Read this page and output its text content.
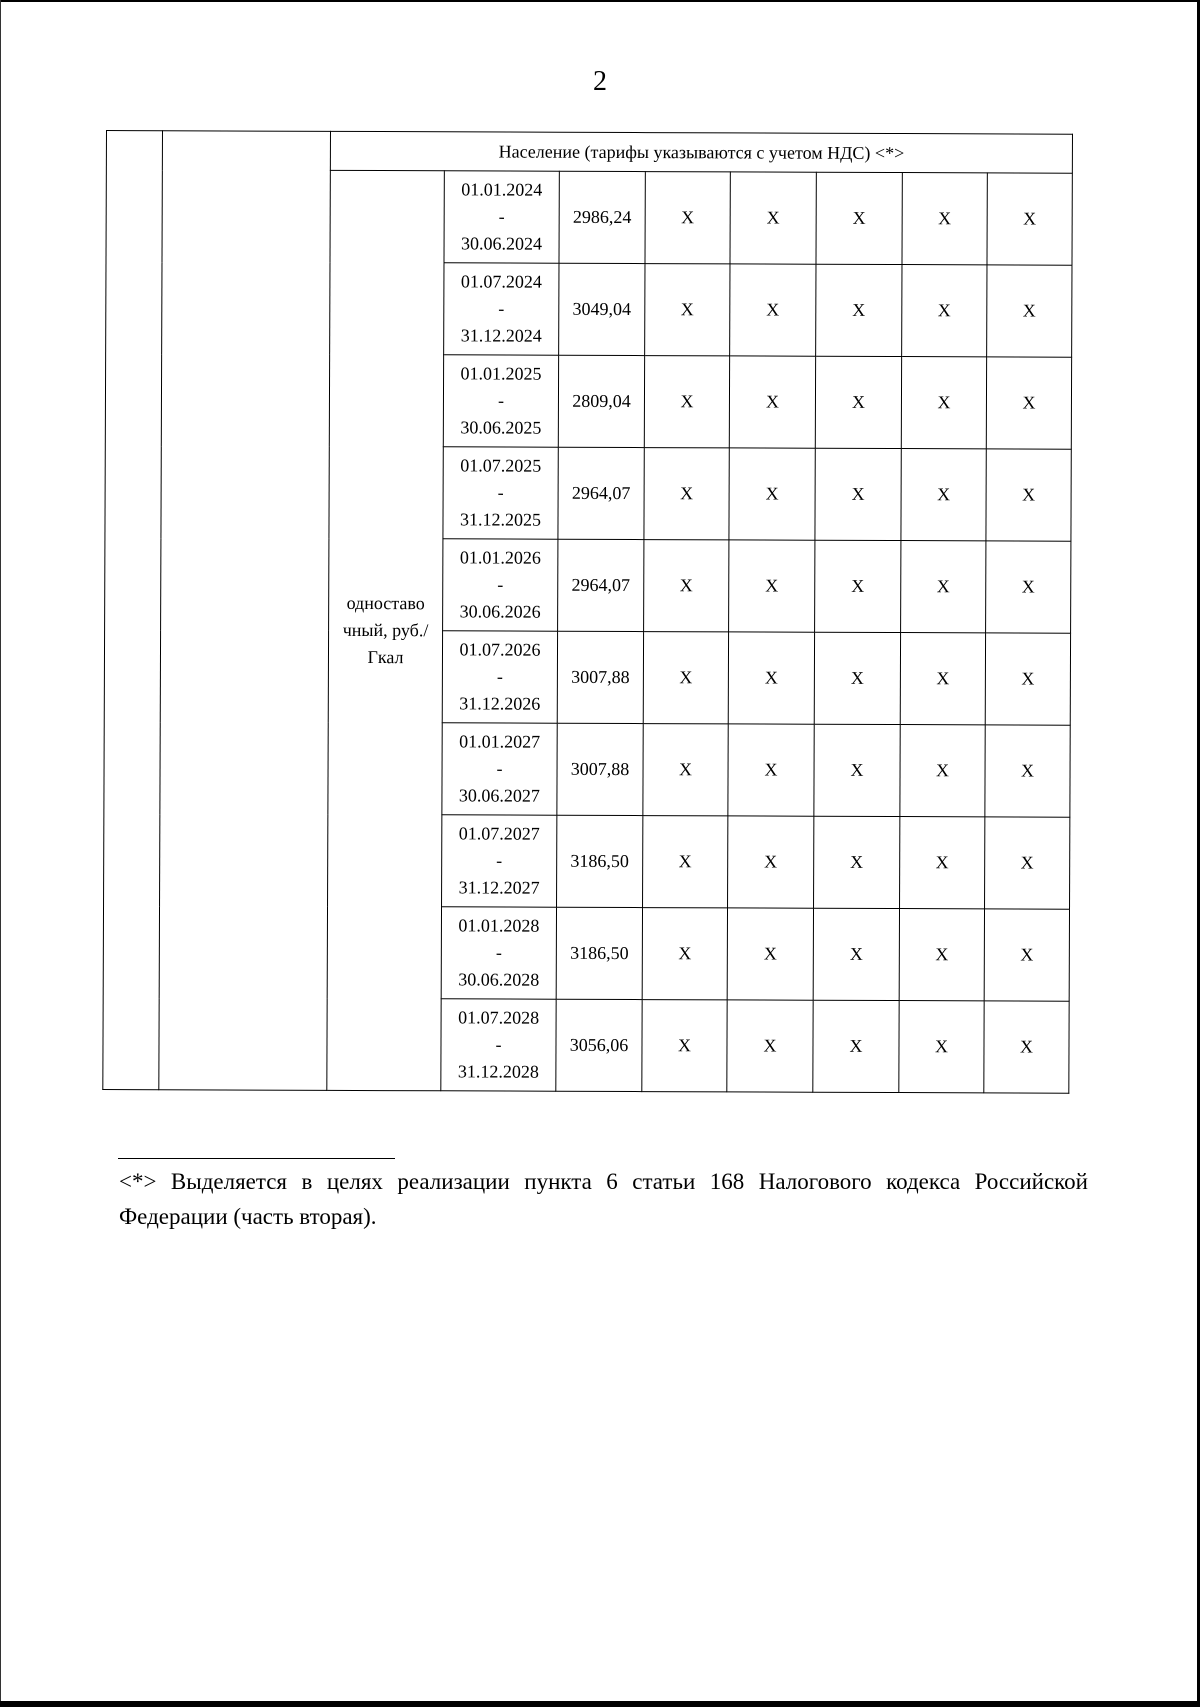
2
		Население (тарифы указываются с учетом НДС) <*>							
		одноставо чный, руб./Гкал	01.01.2024
-
30.06.2024	2986,24	X	X	X	X	X

			01.07.2024
-
31.12.2024	3049,04	X	X	X	X	X

			01.01.2025
-
30.06.2025	2809,04	X	X	X	X	X

			01.07.2025
-
31.12.2025	2964,07	X	X	X	X	X

			01.01.2026
-
30.06.2026	2964,07	X	X	X	X	X

			01.07.2026
-
31.12.2026	3007,88	X	X	X	X	X

			01.01.2027
-
30.06.2027	3007,88	X	X	X	X	X

			01.07.2027
-
31.12.2027	3186,50	X	X	X	X	X

			01.01.2028
-
30.06.2028	3186,50	X	X	X	X	X

			01.07.2028
-
31.12.2028	3056,06	X	X	X	X	X
<*> Выделяется в целях реализации пункта 6 статьи 168 Налогового кодекса Российской Федерации (часть вторая).
